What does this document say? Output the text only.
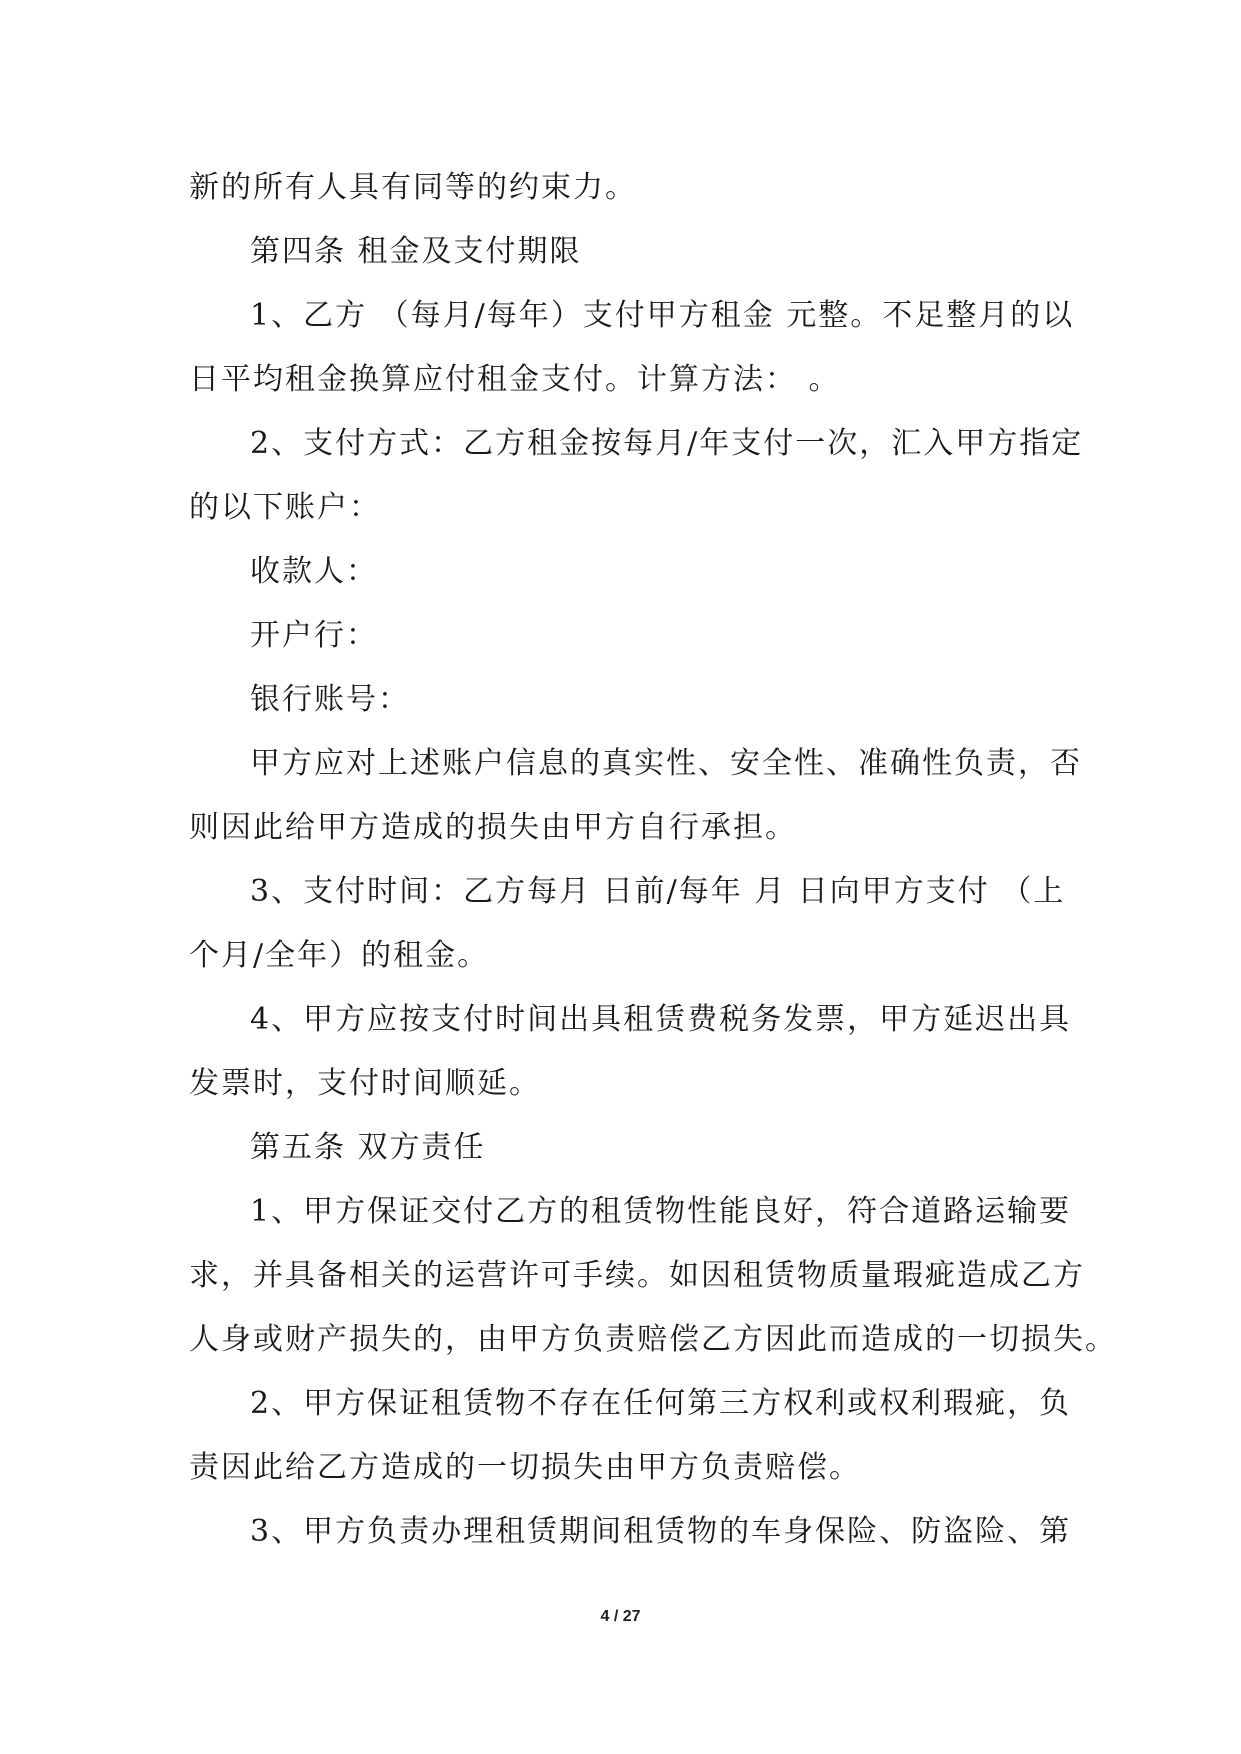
新的所有人具有同等的约束力。
第四条 租金及支付期限
1、乙方 （每月/每年）支付甲方租金 元整。不足整月的以
日平均租金换算应付租金支付。计算方法： 。
2、支付方式：乙方租金按每月/年支付一次，汇入甲方指定
的以下账户：
收款人：
开户行：
银行账号：
甲方应对上述账户信息的真实性、安全性、准确性负责，否
则因此给甲方造成的损失由甲方自行承担。
3、支付时间：乙方每月 日前/每年 月 日向甲方支付 （上
个月/全年）的租金。
4、甲方应按支付时间出具租赁费税务发票，甲方延迟出具
发票时，支付时间顺延。
第五条 双方责任
1、甲方保证交付乙方的租赁物性能良好，符合道路运输要
求，并具备相关的运营许可手续。如因租赁物质量瑕疵造成乙方
人身或财产损失的，由甲方负责赔偿乙方因此而造成的一切损失。
2、甲方保证租赁物不存在任何第三方权利或权利瑕疵，负
责因此给乙方造成的一切损失由甲方负责赔偿。
3、甲方负责办理租赁期间租赁物的车身保险、防盗险、第
4 / 27
